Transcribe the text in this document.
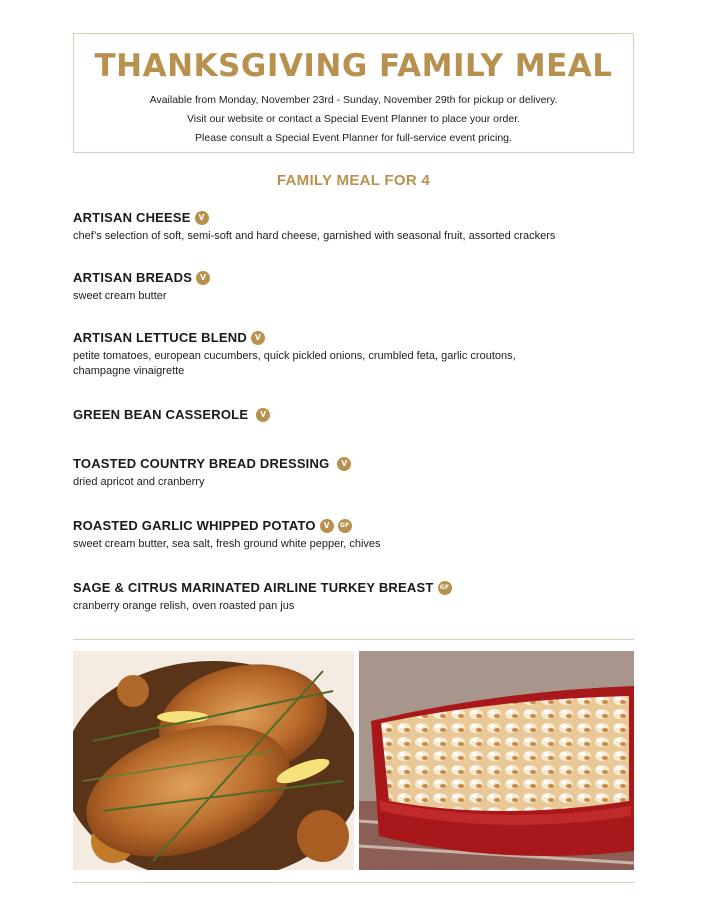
THANKSGIVING FAMILY MEAL
Available from Monday, November 23rd - Sunday, November 29th for pickup or delivery.
Visit our website or contact a Special Event Planner to place your order.
Please consult a Special Event Planner for full-service event pricing.
FAMILY MEAL FOR 4
ARTISAN CHEESE	V
chef’s selection of soft, semi-soft and hard cheese, garnished with seasonal fruit, assorted crackers
ARTISAN BREADS	V
sweet cream butter
ARTISAN LETTUCE BLEND	V
petite tomatoes, european cucumbers, quick pickled onions, crumbled feta, garlic croutons, champagne vinaigrette
GREEN BEAN CASSEROLE	V
TOASTED COUNTRY BREAD DRESSING	V
dried apricot and cranberry
ROASTED GARLIC WHIPPED POTATO	V	GF
sweet cream butter, sea salt, fresh ground white pepper, chives
SAGE & CITRUS MARINATED AIRLINE TURKEY BREAST	GF
cranberry orange relish, oven roasted pan jus
